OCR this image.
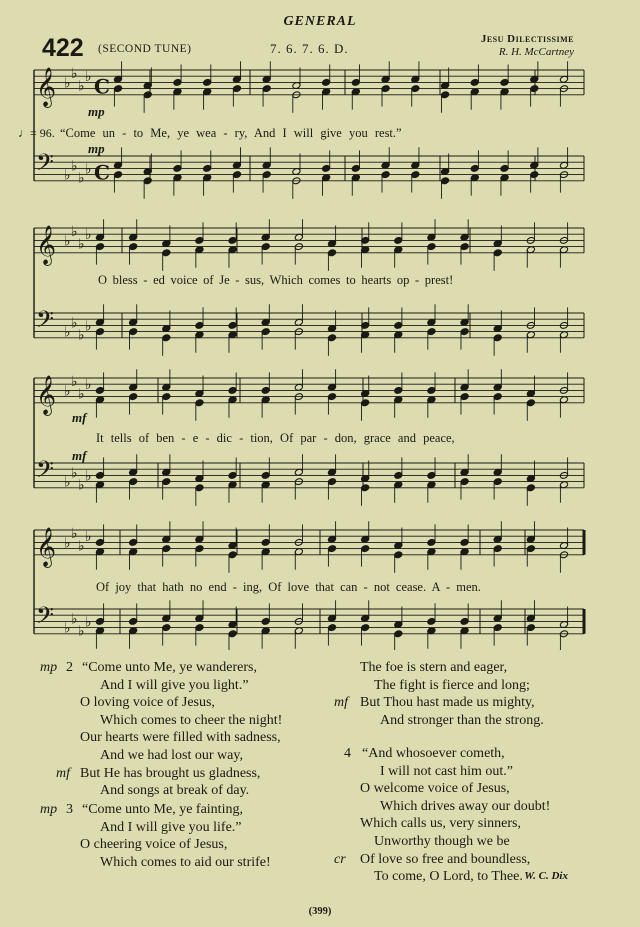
GENERAL
422 (SECOND TUNE)	7. 6. 7. 6. D.
Jesu Dilectissime
R. H. McCartney
𝄞 ♭
♭
♭
♭ C
𝄢 ♭
♭
♭
♭ C
𝄞 ♭
♭
♭
♭
𝄢 ♭
♭
♭
♭
𝄞 ♭
♭
♭
♭
𝄢 ♭
♭
♭
♭
𝄞 ♭
♭
♭
♭
𝄢 ♭
♭
♭
♭
♩= 96.
mp
mp
mf
mf
“Come un - to Me, ye wea - ry, And I will give you rest.”
O bless - ed voice of Je - sus, Which comes to hearts op - prest!
It tells of ben - e - dic - tion, Of par - don, grace and peace,
Of joy that hath no end - ing, Of love that can - not cease. A - men.
mp 2 “Come unto Me, ye wanderers,
And I will give you light.”
O loving voice of Jesus,
Which comes to cheer the night!
Our hearts were filled with sadness,
And we had lost our way,
mf But He has brought us gladness,
And songs at break of day.
mp 3 “Come unto Me, ye fainting,
And I will give you life.”
O cheering voice of Jesus,
Which comes to aid our strife!
The foe is stern and eager,
The fight is fierce and long;
mf But Thou hast made us mighty,
And stronger than the strong.
4 “And whosoever cometh,
I will not cast him out.”
O welcome voice of Jesus,
Which drives away our doubt!
Which calls us, very sinners,
Unworthy though we be
cr Of love so free and boundless,
To come, O Lord, to Thee. W. C. Dix
(399)
